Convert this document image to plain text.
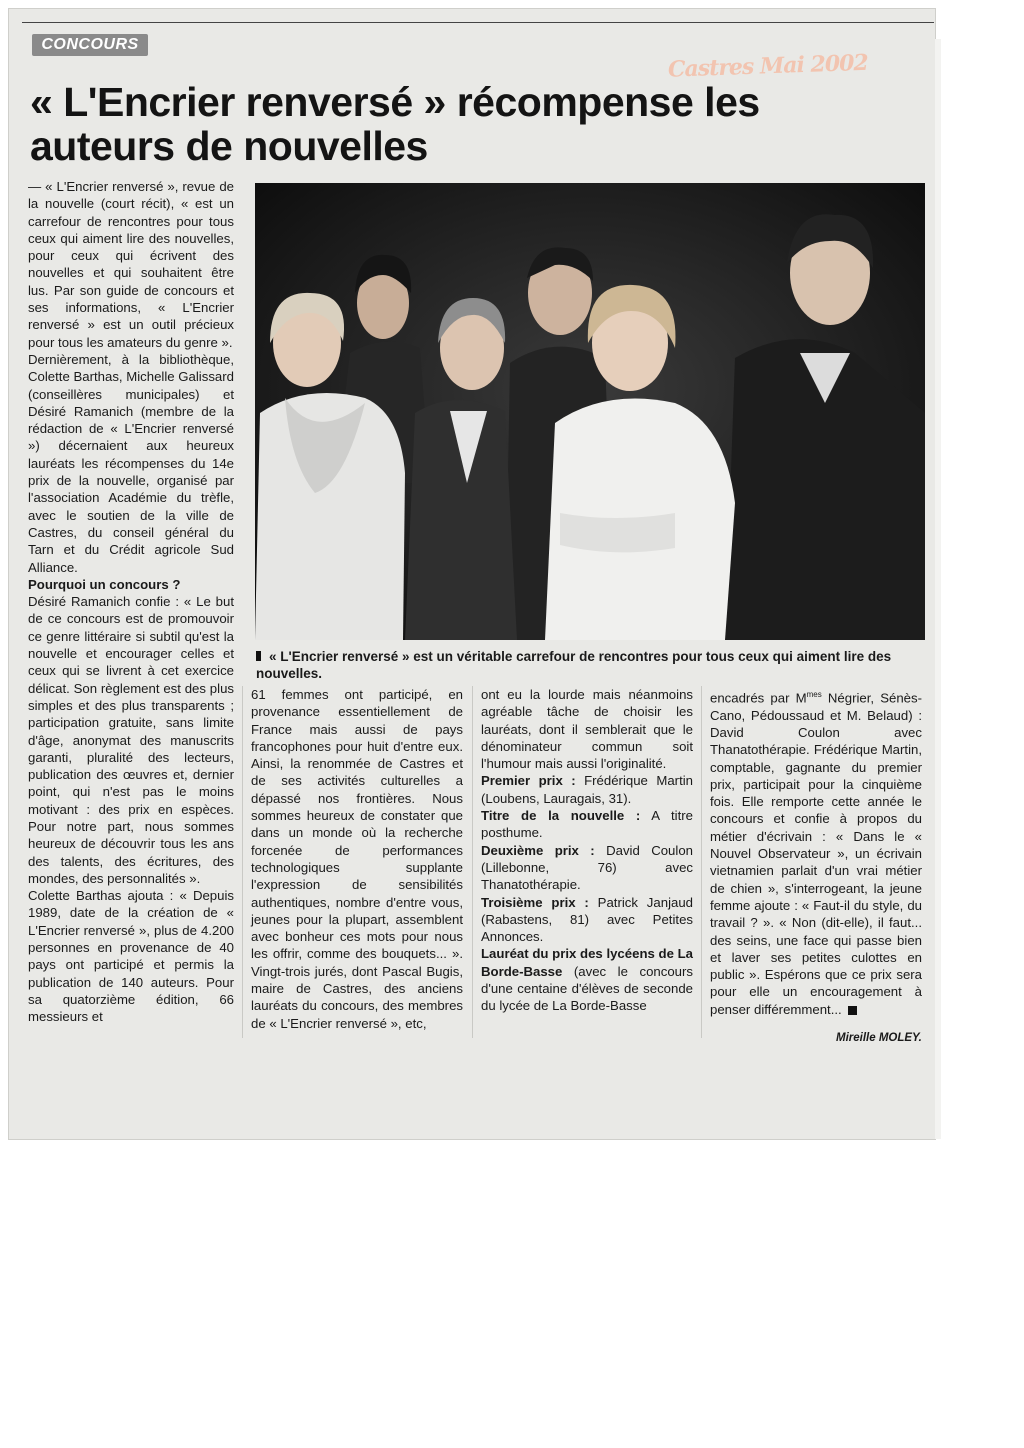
CONCOURS
Castres Mai 2002
« L'Encrier renversé » récompense les auteurs de nouvelles

— « L'Encrier renversé », revue de la nouvelle (court récit), « est un carrefour de rencontres pour tous ceux qui aiment lire des nouvelles, pour ceux qui écrivent des nouvelles et qui souhaitent être lus. Par son guide de concours et ses informations, « L'Encrier renversé » est un outil précieux pour tous les amateurs du genre ».

Dernièrement, à la bibliothèque, Colette Barthas, Michelle Galissard (conseillères municipales) et Désiré Ramanich (membre de la rédaction de « L'Encrier renversé ») décernaient aux heureux lauréats les récompenses du 14e prix de la nouvelle, organisé par l'association Académie du trèfle, avec le soutien de la ville de Castres, du conseil général du Tarn et du Crédit agricole Sud Alliance.

Pourquoi un concours ?

Désiré Ramanich confie : « Le but de ce concours est de promouvoir ce genre littéraire si subtil qu'est la nouvelle et encourager celles et ceux qui se livrent à cet exercice délicat. Son règlement est des plus simples et des plus transparents ; participation gratuite, sans limite d'âge, anonymat des manuscrits garanti, pluralité des lecteurs, publication des œuvres et, dernier point, qui n'est pas le moins motivant : des prix en espèces. Pour notre part, nous sommes heureux de découvrir tous les ans des talents, des écritures, des mondes, des personnalités ».

Colette Barthas ajouta : « Depuis 1989, date de la création de « L'Encrier renversé », plus de 4.200 personnes en provenance de 40 pays ont participé et permis la publication de 140 auteurs. Pour sa quatorzième édition, 66 messieurs et

« L'Encrier renversé » est un véritable carrefour de rencontres pour tous ceux qui aiment lire des nouvelles.

61 femmes ont participé, en provenance essentiellement de France mais aussi de pays francophones pour huit d'entre eux. Ainsi, la renommée de Castres et de ses activités culturelles a dépassé nos frontières. Nous sommes heureux de constater que dans un monde où la recherche forcenée de performances technologiques supplante l'expression de sensibilités authentiques, nombre d'entre vous, jeunes pour la plupart, assemblent avec bonheur ces mots pour nous les offrir, comme des bouquets... ». Vingt-trois jurés, dont Pascal Bugis, maire de Castres, des anciens lauréats du concours, des membres de « L'Encrier renversé », etc,

ont eu la lourde mais néanmoins agréable tâche de choisir les lauréats, dont il semblerait que le dénominateur commun soit l'humour mais aussi l'originalité.

Premier prix : Frédérique Martin (Loubens, Lauragais, 31).

Titre de la nouvelle : A titre posthume.

Deuxième prix : David Coulon (Lillebonne, 76) avec Thanatothérapie.

Troisième prix : Patrick Janjaud (Rabastens, 81) avec Petites Annonces.

Lauréat du prix des lycéens de La Borde-Basse (avec le concours d'une centaine d'élèves de seconde du lycée de La Borde-Basse

encadrés par $M^{mes}$ Négrier, Sénès-Cano, Pédoussaud et M. Belaud) : David Coulon avec Thanatothérapie. Frédérique Martin, comptable, gagnante du premier prix, participait pour la cinquième fois. Elle remporte cette année le concours et confie à propos du métier d'écrivain : « Dans le « Nouvel Observateur », un écrivain vietnamien parlait d'un vrai métier de chien », s'interrogeant, la jeune femme ajoute : « Faut-il du style, du travail ? ». « Non (dit-elle), il faut... des seins, une face qui passe bien et laver ses petites culottes en public ». Espérons que ce prix sera pour elle un encouragement à penser différemment...

Mireille MOLEY.
